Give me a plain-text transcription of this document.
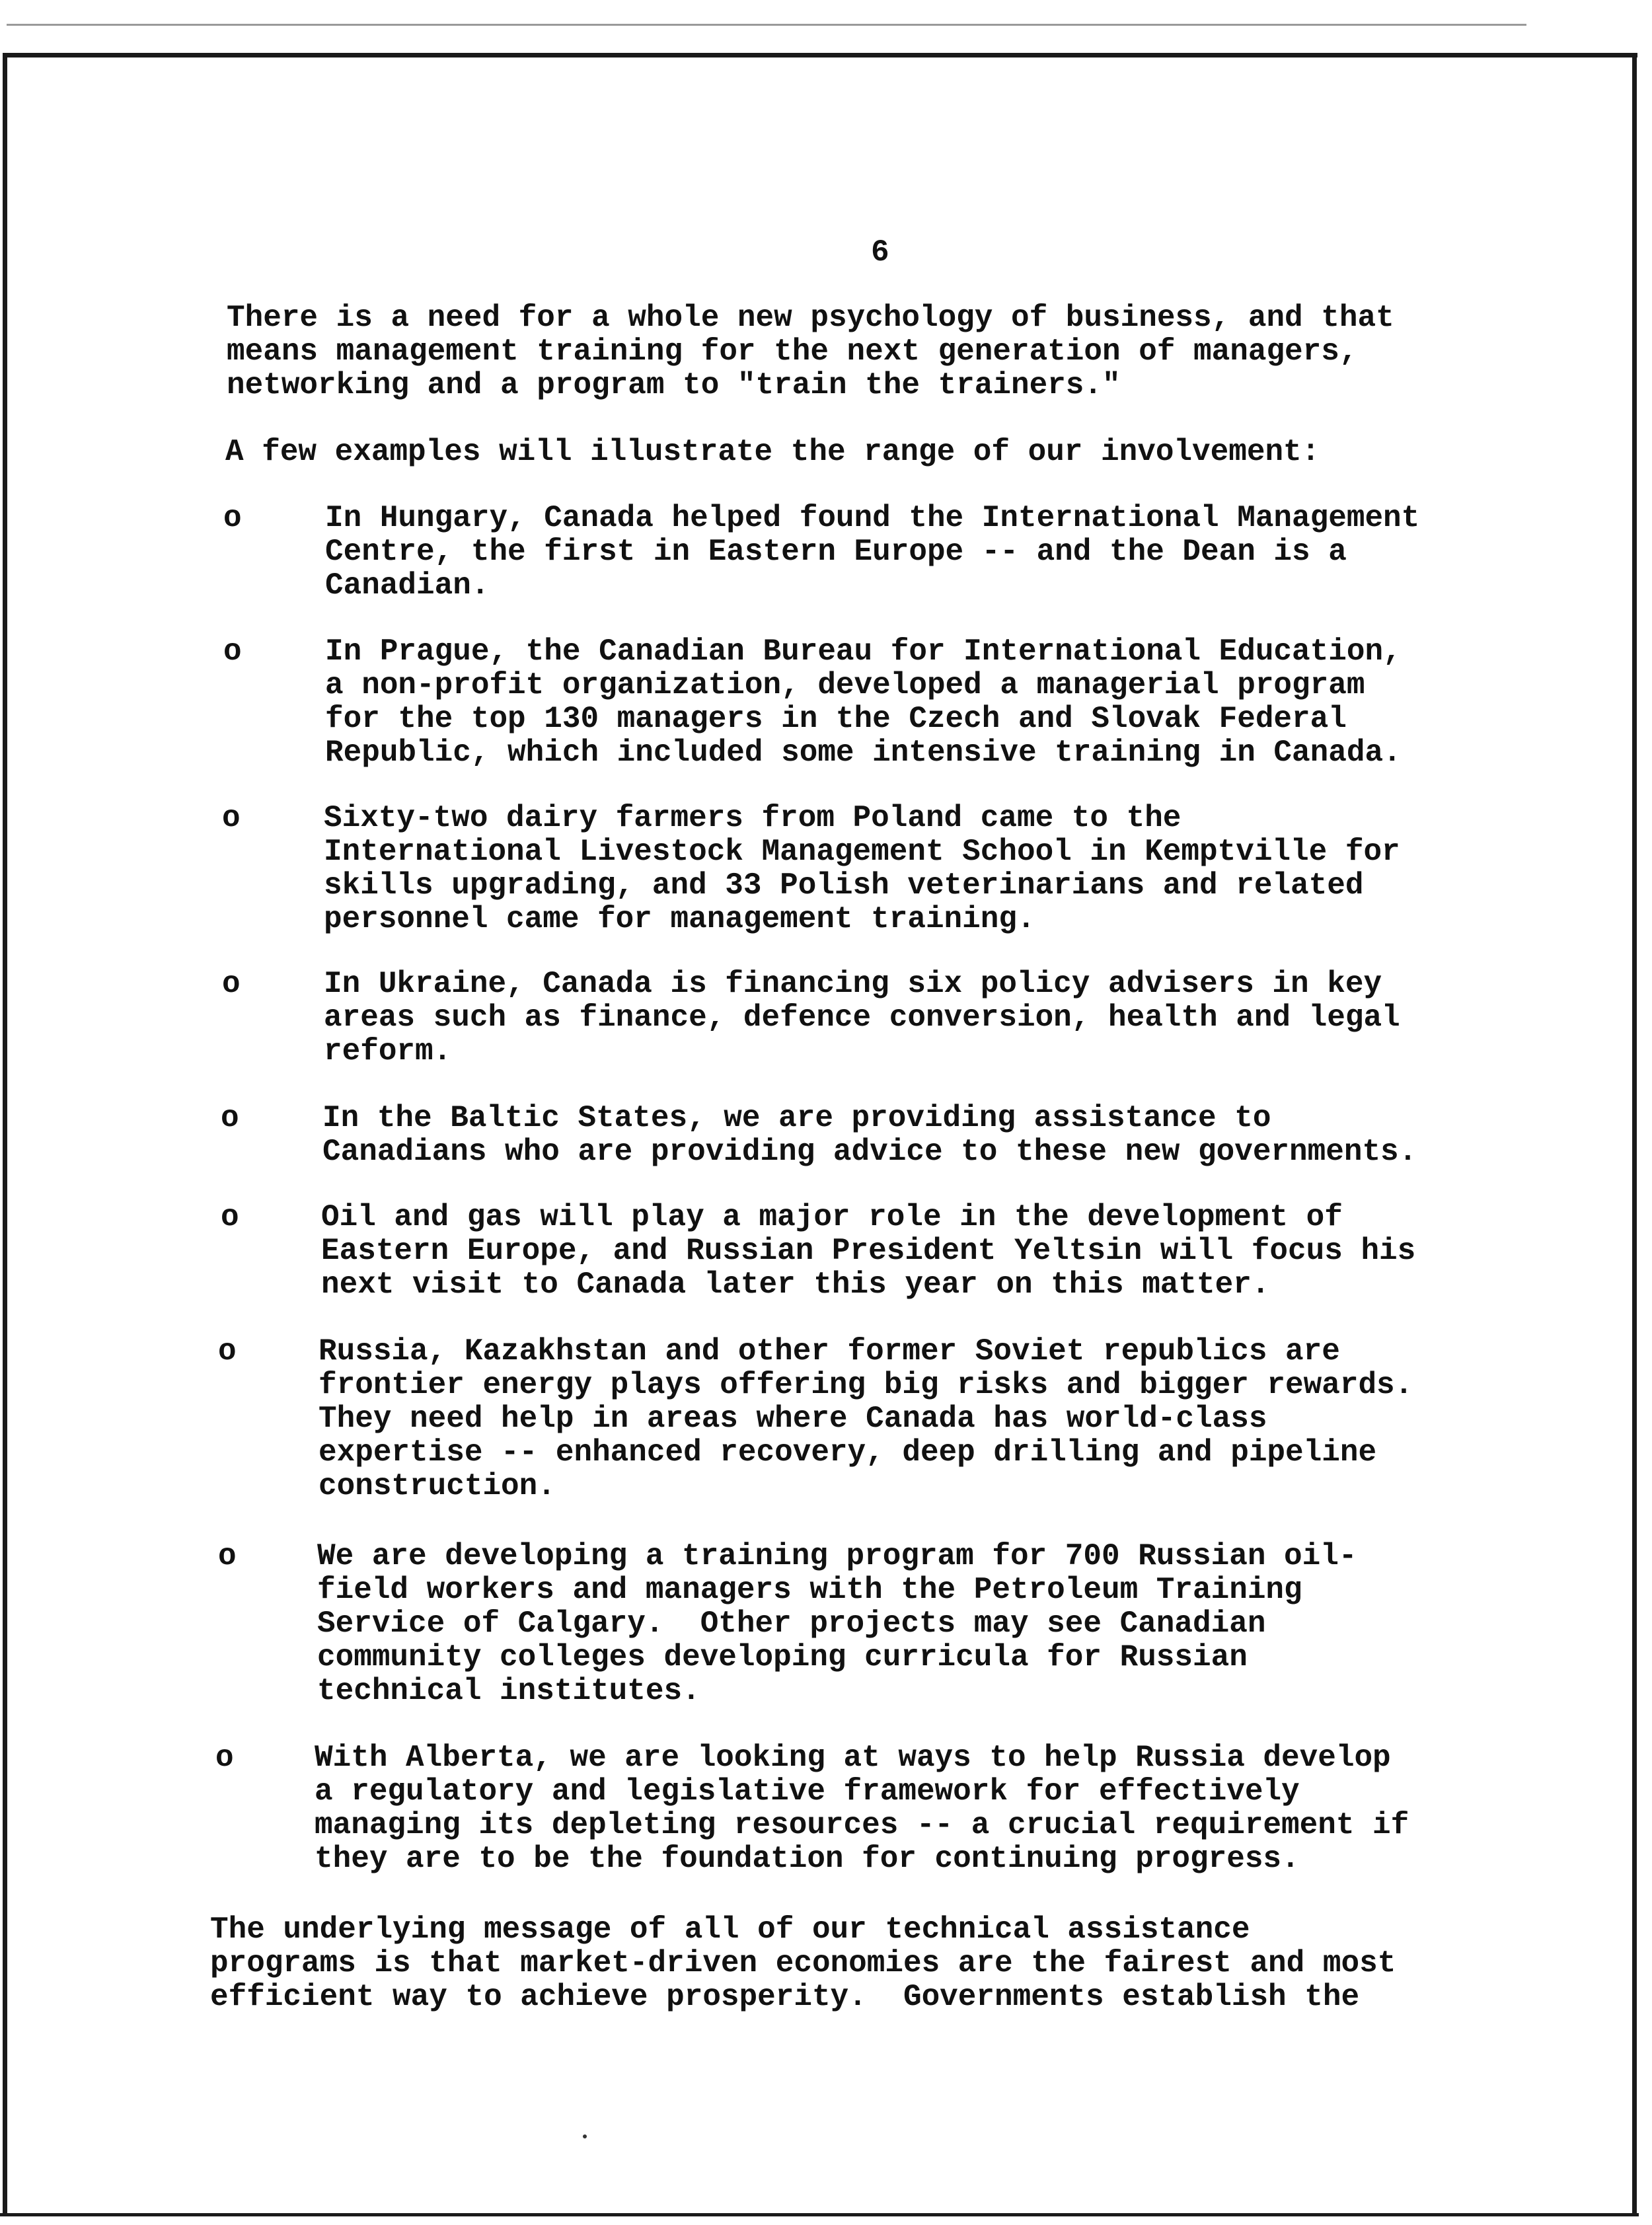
6

There is a need for a whole new psychology of business, and that

means management training for the next generation of managers,

networking and a program to "train the trainers."

A few examples will illustrate the range of our involvement:

o	In Hungary, Canada helped found the International Management

Centre, the first in Eastern Europe -- and the Dean is a

Canadian.

o	In Prague, the Canadian Bureau for International Education,

a non-profit organization, developed a managerial program

for the top 130 managers in the Czech and Slovak Federal

Republic, which included some intensive training in Canada.

o	Sixty-two dairy farmers from Poland came to the

International Livestock Management School in Kemptville for

skills upgrading, and 33 Polish veterinarians and related

personnel came for management training.

o	In Ukraine, Canada is financing six policy advisers in key

areas such as finance, defence conversion, health and legal

reform.

o	In the Baltic States, we are providing assistance to

Canadians who are providing advice to these new governments.

o	Oil and gas will play a major role in the development of

Eastern Europe, and Russian President Yeltsin will focus his

next visit to Canada later this year on this matter.

o	Russia, Kazakhstan and other former Soviet republics are

frontier energy plays offering big risks and bigger rewards.

They need help in areas where Canada has world-class

expertise -- enhanced recovery, deep drilling and pipeline

construction.

o	We are developing a training program for 700 Russian oil-

field workers and managers with the Petroleum Training

Service of Calgary.  Other projects may see Canadian

community colleges developing curricula for Russian

technical institutes.

o	With Alberta, we are looking at ways to help Russia develop

a regulatory and legislative framework for effectively

managing its depleting resources -- a crucial requirement if

they are to be the foundation for continuing progress.

The underlying message of all of our technical assistance

programs is that market-driven economies are the fairest and most

efficient way to achieve prosperity.  Governments establish the
